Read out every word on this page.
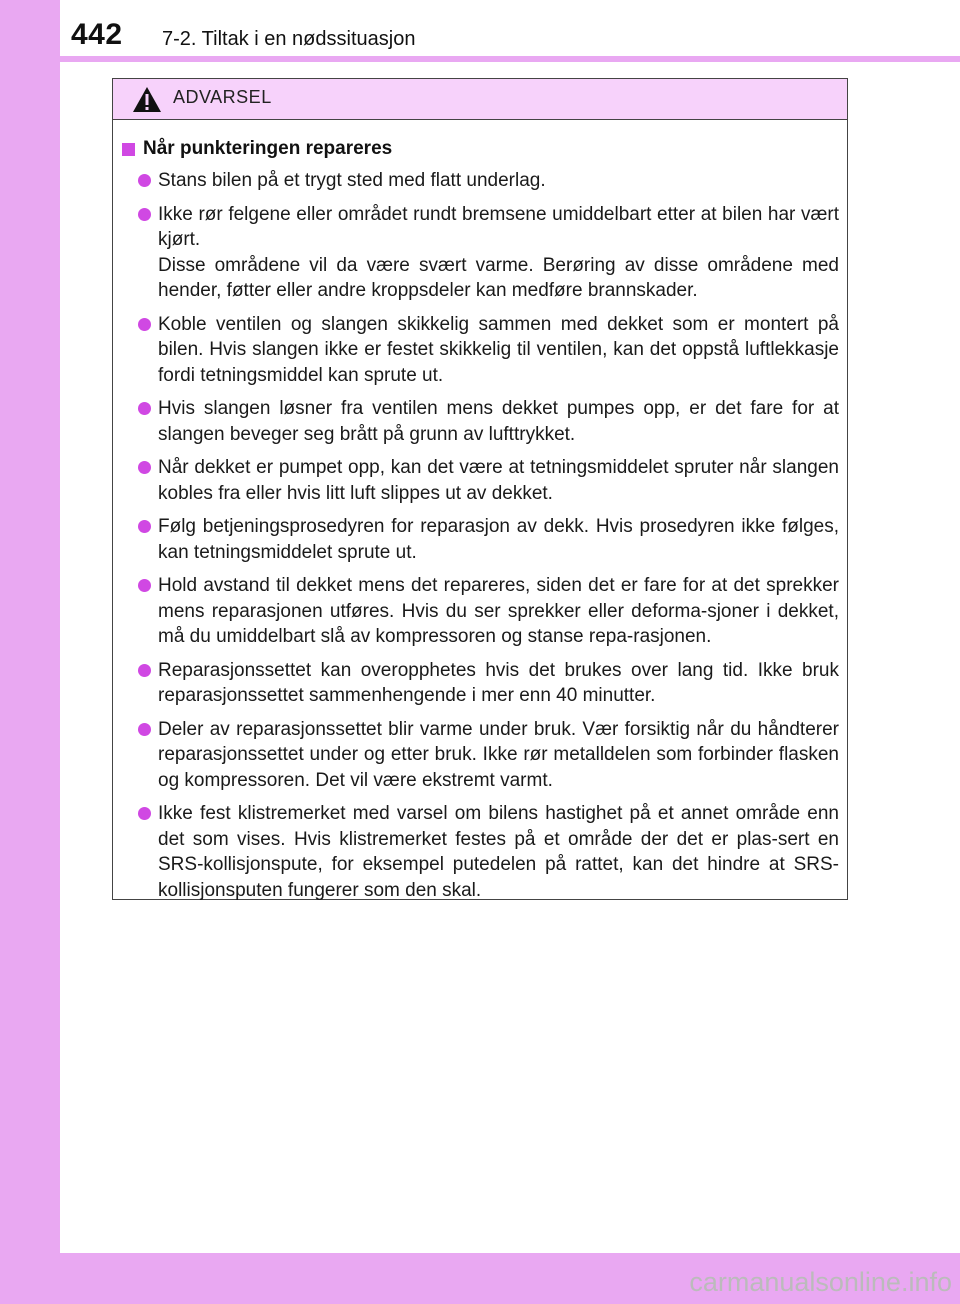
442 7-2. Tiltak i en nødssituasjon
ADVARSEL
Når punkteringen repareres
Stans bilen på et trygt sted med flatt underlag.
Ikke rør felgene eller området rundt bremsene umiddelbart etter at bilen har vært kjørt.
Disse områdene vil da være svært varme. Berøring av disse områdene med hender, føtter eller andre kroppsdeler kan medføre brannskader.
Koble ventilen og slangen skikkelig sammen med dekket som er montert på bilen. Hvis slangen ikke er festet skikkelig til ventilen, kan det oppstå luftlekkasje fordi tetningsmiddel kan sprute ut.
Hvis slangen løsner fra ventilen mens dekket pumpes opp, er det fare for at slangen beveger seg brått på grunn av lufttrykket.
Når dekket er pumpet opp, kan det være at tetningsmiddelet spruter når slangen kobles fra eller hvis litt luft slippes ut av dekket.
Følg betjeningsprosedyren for reparasjon av dekk. Hvis prosedyren ikke følges, kan tetningsmiddelet sprute ut.
Hold avstand til dekket mens det repareres, siden det er fare for at det sprekker mens reparasjonen utføres. Hvis du ser sprekker eller deforma-sjoner i dekket, må du umiddelbart slå av kompressoren og stanse repa-rasjonen.
Reparasjonssettet kan overopphetes hvis det brukes over lang tid. Ikke bruk reparasjonssettet sammenhengende i mer enn 40 minutter.
Deler av reparasjonssettet blir varme under bruk. Vær forsiktig når du håndterer reparasjonssettet under og etter bruk. Ikke rør metalldelen som forbinder flasken og kompressoren. Det vil være ekstremt varmt.
Ikke fest klistremerket med varsel om bilens hastighet på et annet område enn det som vises. Hvis klistremerket festes på et område der det er plas-sert en SRS-kollisjonspute, for eksempel putedelen på rattet, kan det hindre at SRS-kollisjonsputen fungerer som den skal.
carmanualsonline.info
